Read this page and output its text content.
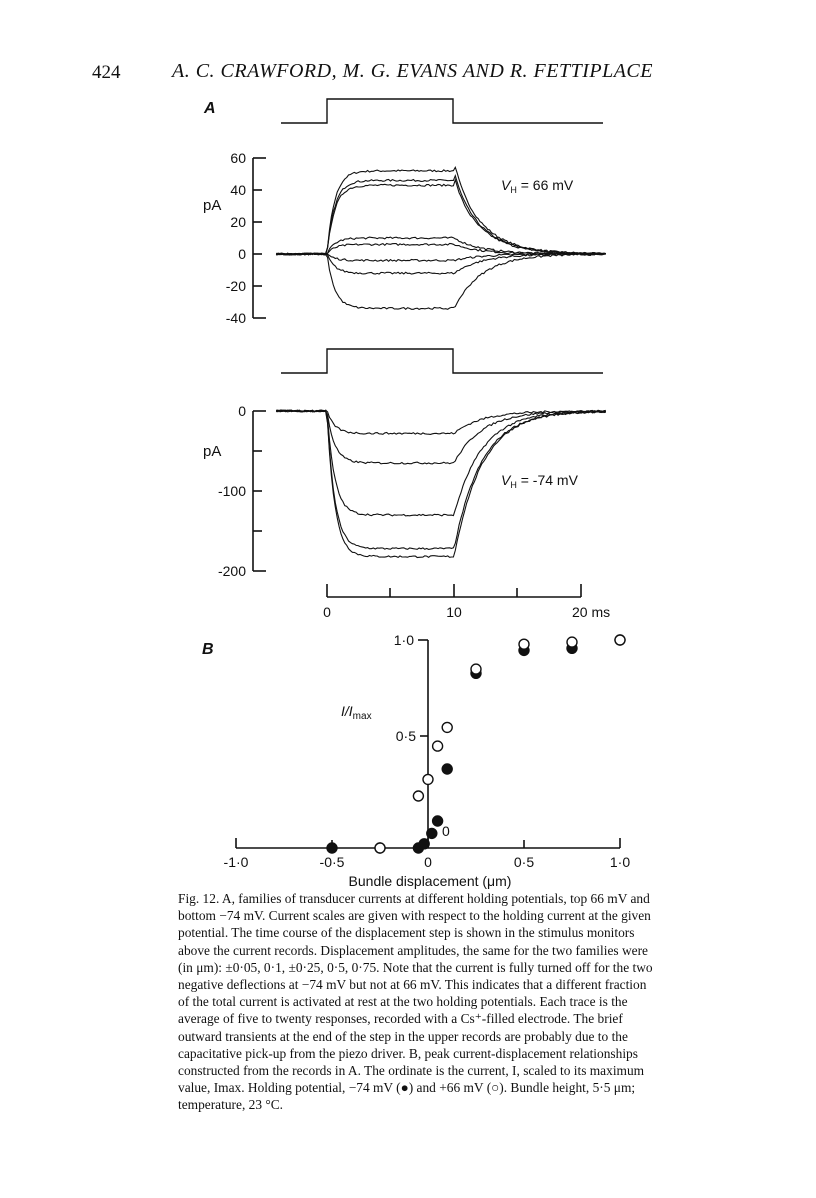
424	A. C. CRAWFORD, M. G. EVANS AND R. FETTIPLACE
A
B
60
40
20
0
-20
-40
pA
$V_H = 66$ mV
0
-100
-200
pA
$V_H = -74$ mV
0	10	20 ms
1·0
0·5
0
$I/I_{max}$
-1·0	-0·5	0	0·5	1·0
Bundle displacement (μm)
Fig. 12. A, families of transducer currents at different holding potentials, top 66 mV and
bottom −74 mV. Current scales are given with respect to the holding current at the given
potential. The time course of the displacement step is shown in the stimulus monitors
above the current records. Displacement amplitudes, the same for the two families were
(in μm): ±0·05, 0·1, ±0·25, 0·5, 0·75. Note that the current is fully turned off for the two
negative deflections at −74 mV but not at 66 mV. This indicates that a different fraction
of the total current is activated at rest at the two holding potentials. Each trace is the
average of five to twenty responses, recorded with a Cs⁺-filled electrode. The brief
outward transients at the end of the step in the upper records are probably due to the
capacitative pick-up from the piezo driver. B, peak current-displacement relationships
constructed from the records in A. The ordinate is the current, I, scaled to its maximum
value, Imax. Holding potential, −74 mV (●) and +66 mV (○). Bundle height, 5·5 μm;
temperature, 23 °C.
